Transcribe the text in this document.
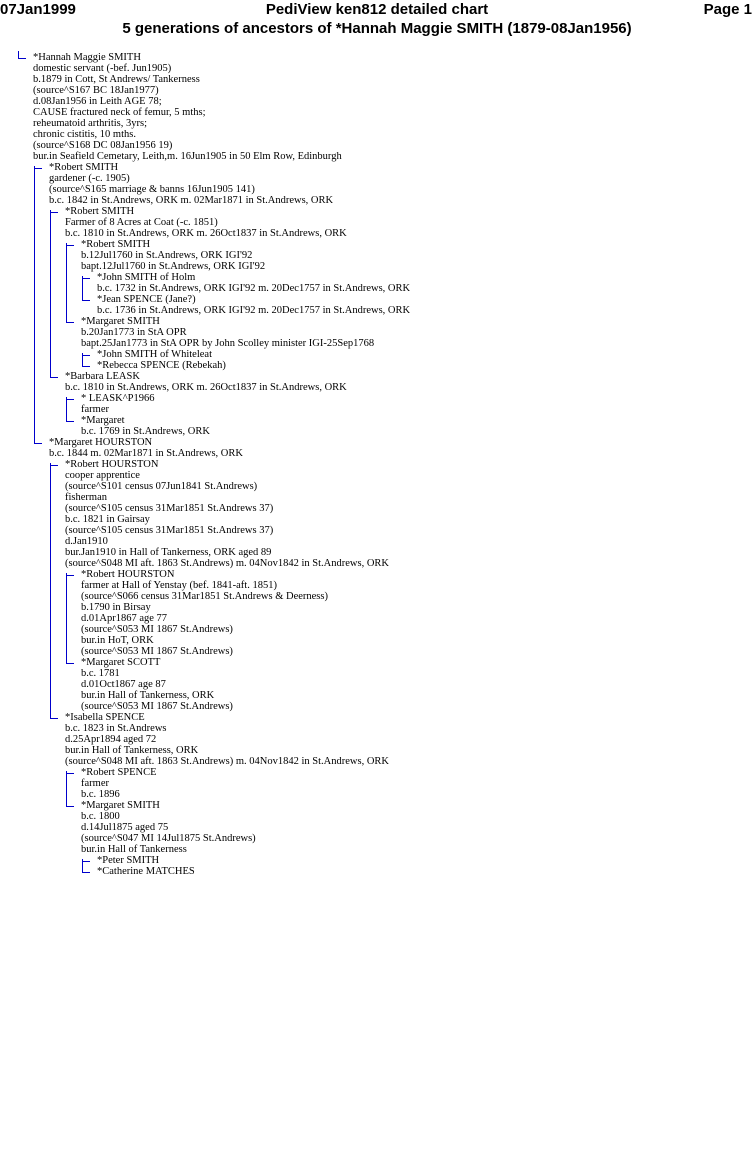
07Jan1999	PediView ken812 detailed chart	Page 1
5 generations of ancestors of *Hannah Maggie SMITH (1879-08Jan1956)
*Hannah Maggie SMITH
domestic servant (-bef. Jun1905)
b.1879 in Cott, St Andrews/ Tankerness
(source^S167 BC 18Jan1977)
d.08Jan1956 in Leith AGE 78;
CAUSE fractured neck of femur, 5 mths;
reheumatoid arthritis, 3yrs;
chronic cistitis, 10 mths.
(source^S168 DC 08Jan1956 19)
bur.in Seafield Cemetary, Leith,m. 16Jun1905 in 50 Elm Row, Edinburgh
*Robert SMITH
gardener (-c. 1905)
(source^S165 marriage & banns 16Jun1905 141)
b.c. 1842 in St.Andrews, ORK m. 02Mar1871 in St.Andrews, ORK
*Robert SMITH
Farmer of 8 Acres at Coat (-c. 1851)
b.c. 1810 in St.Andrews, ORK m. 26Oct1837 in St.Andrews, ORK
*Robert SMITH
b.12Jul1760 in St.Andrews, ORK IGI'92
bapt.12Jul1760 in St.Andrews, ORK IGI'92
*John SMITH of Holm
b.c. 1732 in St.Andrews, ORK IGI'92 m. 20Dec1757 in St.Andrews, ORK
*Jean SPENCE (Jane?)
b.c. 1736 in St.Andrews, ORK IGI'92 m. 20Dec1757 in St.Andrews, ORK
*Margaret SMITH
b.20Jan1773 in StA OPR
bapt.25Jan1773 in StA OPR by John Scolley minister IGI-25Sep1768
*John SMITH of Whiteleat
*Rebecca SPENCE (Rebekah)
*Barbara LEASK
b.c. 1810 in St.Andrews, ORK m. 26Oct1837 in St.Andrews, ORK
* LEASK^P1966
farmer
*Margaret
b.c. 1769 in St.Andrews, ORK
*Margaret HOURSTON
b.c. 1844 m. 02Mar1871 in St.Andrews, ORK
*Robert HOURSTON
cooper apprentice
(source^S101 census 07Jun1841 St.Andrews)
fisherman
(source^S105 census 31Mar1851 St.Andrews 37)
b.c. 1821 in Gairsay
(source^S105 census 31Mar1851 St.Andrews 37)
d.Jan1910
bur.Jan1910 in Hall of Tankerness, ORK aged 89
(source^S048 MI aft. 1863 St.Andrews) m. 04Nov1842 in St.Andrews, ORK
*Robert HOURSTON
farmer at Hall of Yenstay (bef. 1841-aft. 1851)
(source^S066 census 31Mar1851 St.Andrews & Deerness)
b.1790 in Birsay
d.01Apr1867 age 77
(source^S053 MI 1867 St.Andrews)
bur.in HoT, ORK
(source^S053 MI 1867 St.Andrews)
*Margaret SCOTT
b.c. 1781
d.01Oct1867 age 87
bur.in Hall of Tankerness, ORK
(source^S053 MI 1867 St.Andrews)
*Isabella SPENCE
b.c. 1823 in St.Andrews
d.25Apr1894 aged 72
bur.in Hall of Tankerness, ORK
(source^S048 MI aft. 1863 St.Andrews) m. 04Nov1842 in St.Andrews, ORK
*Robert SPENCE
farmer
b.c. 1896
*Margaret SMITH
b.c. 1800
d.14Jul1875 aged 75
(source^S047 MI 14Jul1875 St.Andrews)
bur.in Hall of Tankerness
*Peter SMITH
*Catherine MATCHES
